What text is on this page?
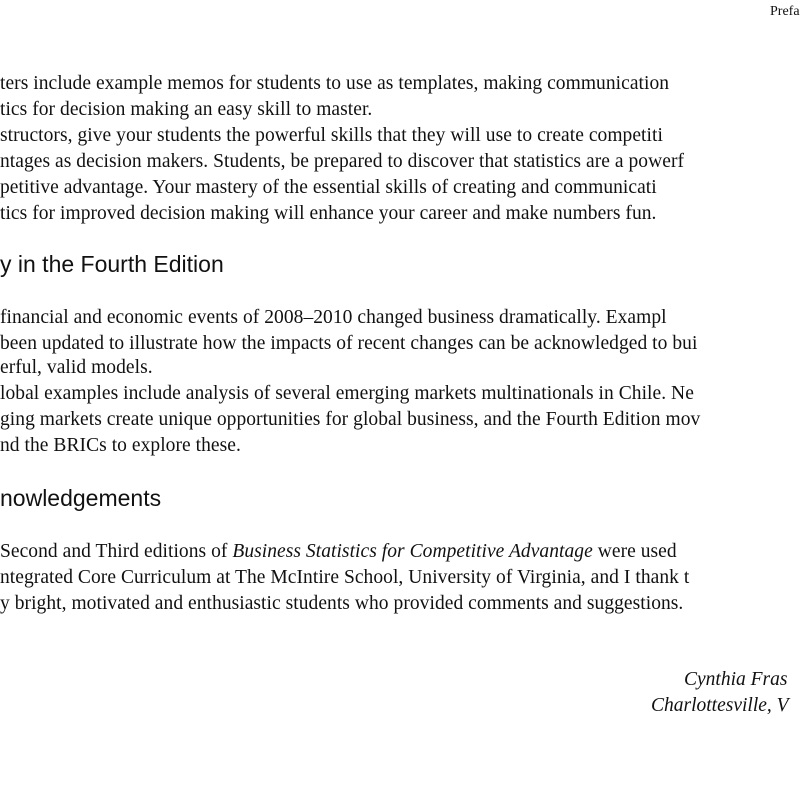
Prefa
ters include example memos for students to use as templates, making communication
tics for decision making an easy skill to master.
structors, give your students the powerful skills that they will use to create competiti
ntages as decision makers. Students, be prepared to discover that statistics are a powerf
petitive advantage. Your mastery of the essential skills of creating and communicati
tics for improved decision making will enhance your career and make numbers fun.
y in the Fourth Edition
financial and economic events of 2008–2010 changed business dramatically. Exampl
been updated to illustrate how the impacts of recent changes can be acknowledged to bui
erful, valid models.
lobal examples include analysis of several emerging markets multinationals in Chile. Ne
ging markets create unique opportunities for global business, and the Fourth Edition mov
nd the BRICs to explore these.
nowledgements
Second and Third editions of Business Statistics for Competitive Advantage were used
ntegrated Core Curriculum at The McIntire School, University of Virginia, and I thank t
y bright, motivated and enthusiastic students who provided comments and suggestions.
Cynthia Fras
Charlottesville, V
